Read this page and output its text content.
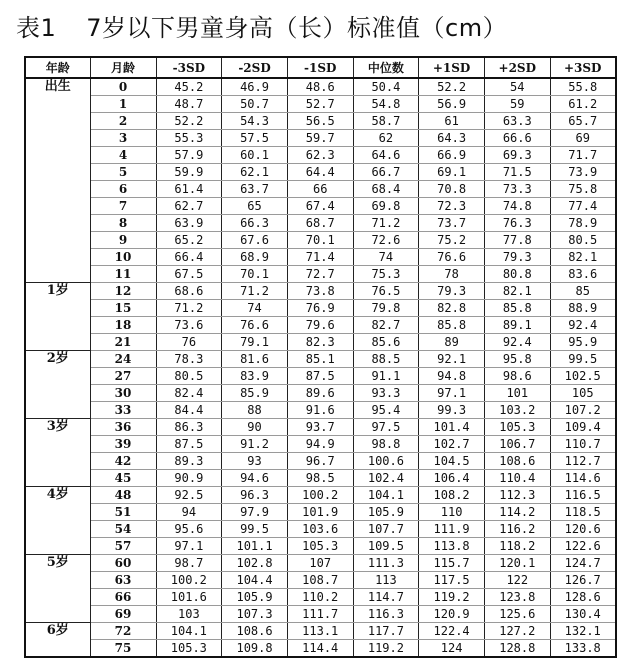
表1 7岁以下男童身高（长）标准值（cm）
年龄	月龄	-3SD	-2SD	-1SD	中位数	+1SD	+2SD	+3SD
出生	0	45.2	46.9	48.6	50.4	52.2	54	55.8
	1	48.7	50.7	52.7	54.8	56.9	59	61.2
	2	52.2	54.3	56.5	58.7	61	63.3	65.7
	3	55.3	57.5	59.7	62	64.3	66.6	69
	4	57.9	60.1	62.3	64.6	66.9	69.3	71.7
	5	59.9	62.1	64.4	66.7	69.1	71.5	73.9
	6	61.4	63.7	66	68.4	70.8	73.3	75.8
	7	62.7	65	67.4	69.8	72.3	74.8	77.4
	8	63.9	66.3	68.7	71.2	73.7	76.3	78.9
	9	65.2	67.6	70.1	72.6	75.2	77.8	80.5
	10	66.4	68.9	71.4	74	76.6	79.3	82.1
	11	67.5	70.1	72.7	75.3	78	80.8	83.6
1岁	12	68.6	71.2	73.8	76.5	79.3	82.1	85
	15	71.2	74	76.9	79.8	82.8	85.8	88.9
	18	73.6	76.6	79.6	82.7	85.8	89.1	92.4
	21	76	79.1	82.3	85.6	89	92.4	95.9
2岁	24	78.3	81.6	85.1	88.5	92.1	95.8	99.5
	27	80.5	83.9	87.5	91.1	94.8	98.6	102.5
	30	82.4	85.9	89.6	93.3	97.1	101	105
	33	84.4	88	91.6	95.4	99.3	103.2	107.2
3岁	36	86.3	90	93.7	97.5	101.4	105.3	109.4
	39	87.5	91.2	94.9	98.8	102.7	106.7	110.7
	42	89.3	93	96.7	100.6	104.5	108.6	112.7
	45	90.9	94.6	98.5	102.4	106.4	110.4	114.6
4岁	48	92.5	96.3	100.2	104.1	108.2	112.3	116.5
	51	94	97.9	101.9	105.9	110	114.2	118.5
	54	95.6	99.5	103.6	107.7	111.9	116.2	120.6
	57	97.1	101.1	105.3	109.5	113.8	118.2	122.6
5岁	60	98.7	102.8	107	111.3	115.7	120.1	124.7
	63	100.2	104.4	108.7	113	117.5	122	126.7
	66	101.6	105.9	110.2	114.7	119.2	123.8	128.6
	69	103	107.3	111.7	116.3	120.9	125.6	130.4
6岁	72	104.1	108.6	113.1	117.7	122.4	127.2	132.1
	75	105.3	109.8	114.4	119.2	124	128.8	133.8
